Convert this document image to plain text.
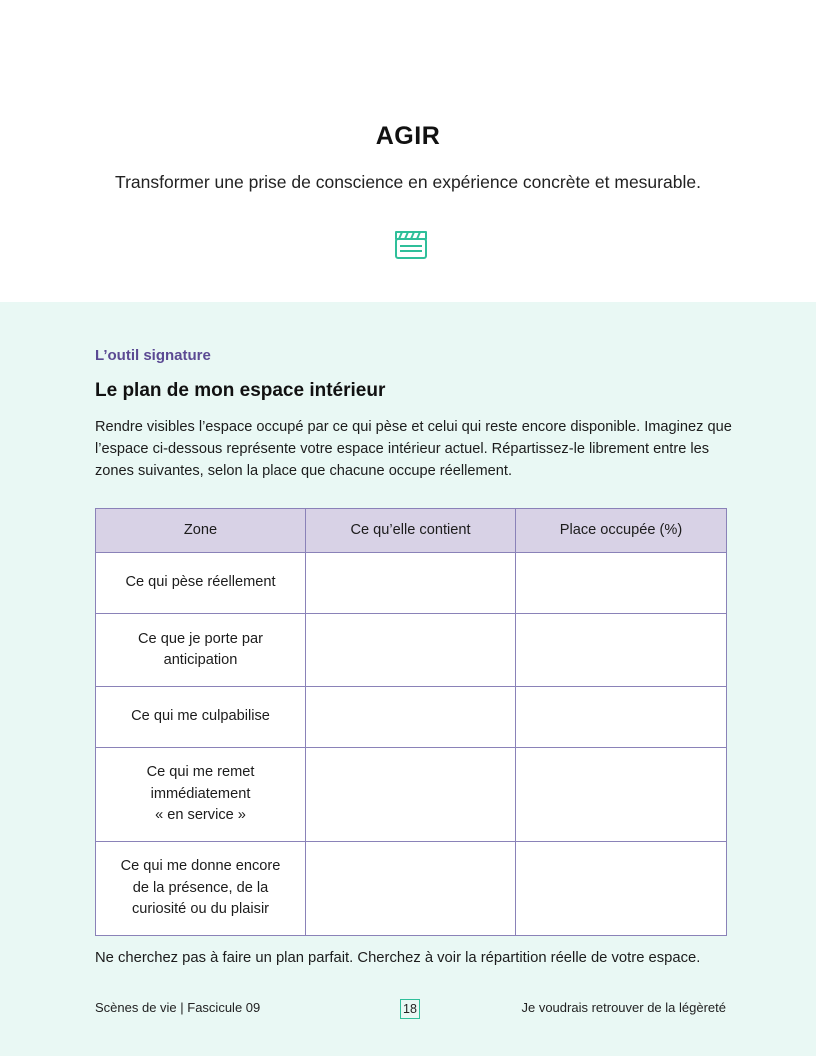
AGIR
Transformer une prise de conscience en expérience concrète et mesurable.
L’outil signature
Le plan de mon espace intérieur
Rendre visibles l’espace occupé par ce qui pèse et celui qui reste encore disponible. Imaginez que l’espace ci-dessous représente votre espace intérieur actuel. Répartissez-le librement entre les zones suivantes, selon la place que chacune occupe réellement.
Zone	Ce qu’elle contient	Place occupée (%)

Ce qui pèse réellement		

Ce que je porte par
anticipation		

Ce qui me culpabilise		

Ce qui me remet
immédiatement
« en service »		

Ce qui me donne encore
de la présence, de la
curiosité ou du plaisir		

Ne cherchez pas à faire un plan parfait. Cherchez à voir la répartition réelle de votre espace.
Scènes de vie | Fascicule 09	18	Je voudrais retrouver de la légèreté
